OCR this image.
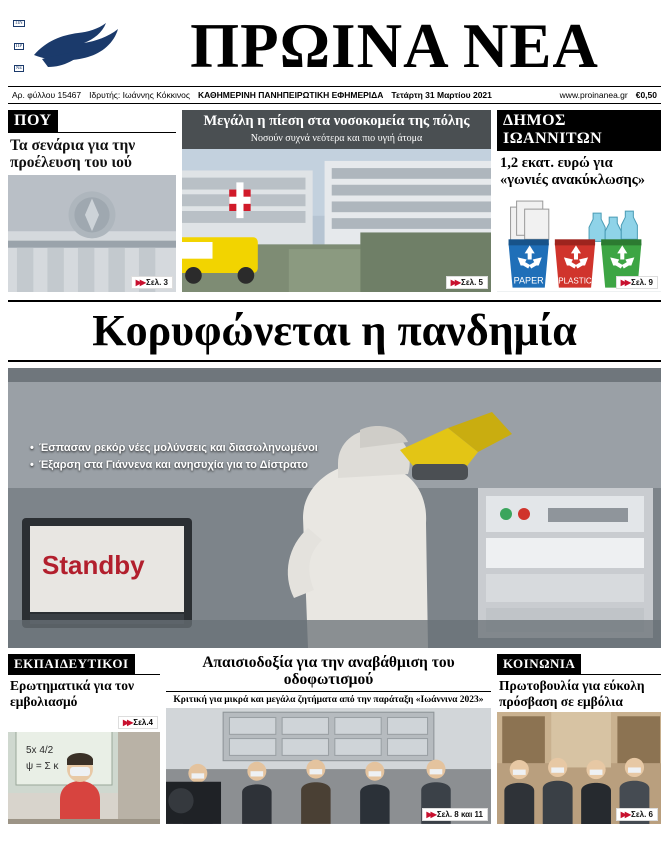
ΠΝ
ΠΡ
ΝΕ	ΠΡΩΙΝΑ ΝΕΑ
Αρ. φύλλου 15467 Ιδρυτής: Ιωάννης Κόκκινος ΚΑΘΗΜΕΡΙΝΗ ΠΑΝΗΠΕΙΡΩΤΙΚΗ ΕΦΗΜΕΡΙΔΑ Τετάρτη 31 Μαρτίου 2021	www.proinanea.gr €0,50
ΠΟΥ
Τα σενάρια για την προέλευση του ιού
▶▶ Σελ. 3
Μεγάλη η πίεση στα νοσοκομεία της πόλης
Νοσούν συχνά νεότερα και πιο υγιή άτομα
▶▶ Σελ. 5
ΔΗΜΟΣ ΙΩΑΝΝΙΤΩΝ
1,2 εκατ. ευρώ για «γωνιές ανακύκλωσης»
PAPER PLASTIC	▶▶ Σελ. 9
Κορυφώνεται η πανδημία
Standby
• Έσπασαν ρεκόρ νέες μολύνσεις και διασωληνωμένοι
• Έξαρση στα Γιάννενα και ανησυχία για το Δίστρατο
ΕΚΠΑΙΔΕΥΤΙΚΟΙ
Ερωτηματικά για τον εμβολιασμό
▶▶ Σελ.4
5x 4/2
ψ = Σ κ
Απαισιοδοξία για την αναβάθμιση του οδοφωτισμού
Κριτική για μικρά και μεγάλα ζητήματα από την παράταξη «Ιωάννινα 2023»
▶▶ Σελ. 8 και 11
ΚΟΙΝΩΝΙΑ
Πρωτοβουλία για εύκολη πρόσβαση σε εμβόλια
▶▶ Σελ. 6
